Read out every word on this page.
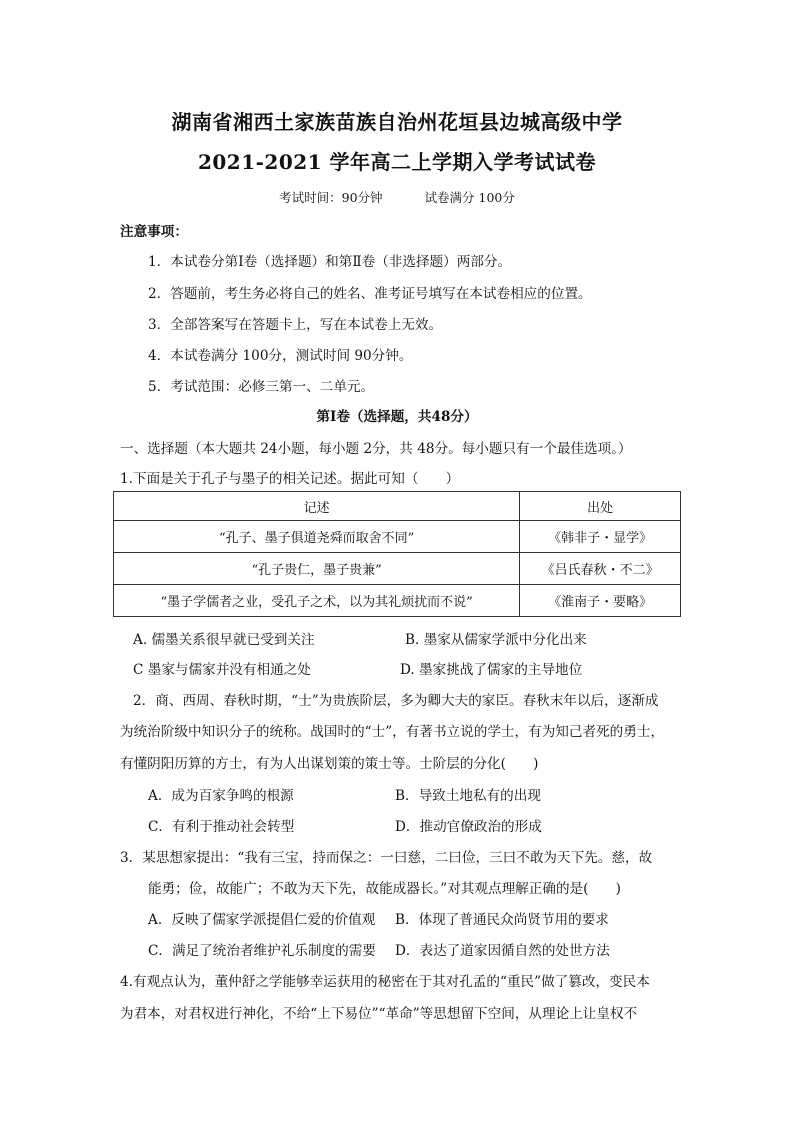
湖南省湘西土家族苗族自治州花垣县边城高级中学
2021-2021 学年高二上学期入学考试试卷
考试时间：90分钟	试卷满分 100分
注意事项：
1．本试卷分第Ⅰ卷（选择题）和第Ⅱ卷（非选择题）两部分。
2．答题前，考生务必将自己的姓名、准考证号填写在本试卷相应的位置。
3．全部答案写在答题卡上，写在本试卷上无效。
4．本试卷满分 100分，测试时间 90分钟。
5．考试范围：必修三第一、二单元。
第Ⅰ卷（选择题，共48分）
一、选择题（本大题共 24小题，每小题 2分，共 48分。每小题只有一个最佳选项。）
1.下面是关于孔子与墨子的相关记述。据此可知（　　）
记述	出处
“孔子、墨子俱道尧舜而取舍不同”	《韩非子・显学》
“孔子贵仁，墨子贵兼”	《吕氏春秋・不二》
“墨子学儒者之业，受孔子之术，以为其礼烦扰而不说”	《淮南子・要略》
A. 儒墨关系很早就已受到关注	B. 墨家从儒家学派中分化出来
C 墨家与儒家并没有相通之处	D. 墨家挑战了儒家的主导地位
2．商、西周、春秋时期，“士”为贵族阶层，多为卿大夫的家臣。春秋末年以后，逐渐成
为统治阶级中知识分子的统称。战国时的“士”，有著书立说的学士，有为知己者死的勇士，
有懂阴阳历算的方士，有为人出谋划策的策士等。士阶层的分化(　　)
A．成为百家争鸣的根源	B．导致土地私有的出现
C．有利于推动社会转型	D．推动官僚政治的形成
3．某思想家提出：“我有三宝，持而保之：一曰慈，二曰俭，三曰不敢为天下先。慈，故
能勇；俭，故能广；不敢为天下先，故能成器长。”对其观点理解正确的是(　　)
A．反映了儒家学派提倡仁爱的价值观 B．体现了普通民众尚贤节用的要求
C．满足了统治者维护礼乐制度的需要 D．表达了道家因循自然的处世方法
4.有观点认为，董仲舒之学能够幸运获用的秘密在于其对孔孟的“重民”做了篡改，变民本
为君本，对君权进行神化，不给“上下易位”“革命”等思想留下空间，从理论上让皇权不
